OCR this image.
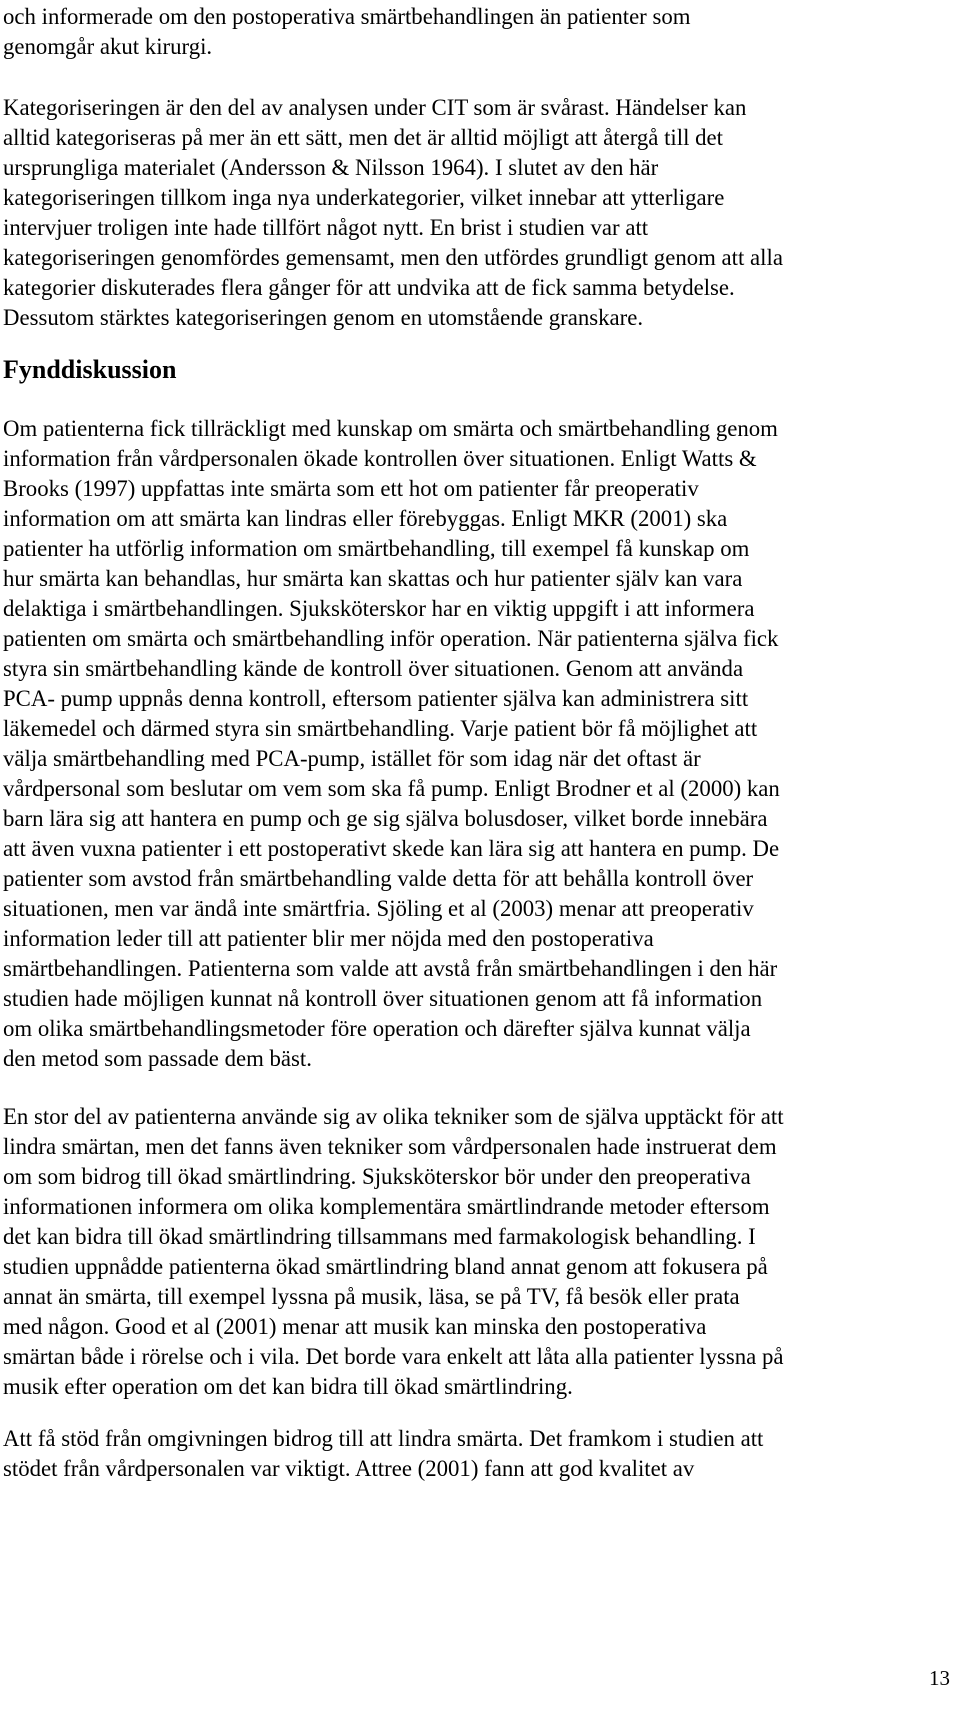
och informerade om den postoperativa smärtbehandlingen än patienter som
genomgår akut kirurgi.

Kategoriseringen är den del av analysen under CIT som är svårast. Händelser kan
alltid kategoriseras på mer än ett sätt, men det är alltid möjligt att återgå till det
ursprungliga materialet (Andersson & Nilsson 1964). I slutet av den här
kategoriseringen tillkom inga nya underkategorier, vilket innebar att ytterligare
intervjuer troligen inte hade tillfört något nytt. En brist i studien var att
kategoriseringen genomfördes gemensamt, men den utfördes grundligt genom att alla
kategorier diskuterades flera gånger för att undvika att de fick samma betydelse.
Dessutom stärktes kategoriseringen genom en utomstående granskare.

Fynddiskussion

Om patienterna fick tillräckligt med kunskap om smärta och smärtbehandling genom
information från vårdpersonalen ökade kontrollen över situationen. Enligt Watts &
Brooks (1997) uppfattas inte smärta som ett hot om patienter får preoperativ
information om att smärta kan lindras eller förebyggas. Enligt MKR (2001) ska
patienter ha utförlig information om smärtbehandling, till exempel få kunskap om
hur smärta kan behandlas, hur smärta kan skattas och hur patienter själv kan vara
delaktiga i smärtbehandlingen. Sjuksköterskor har en viktig uppgift i att informera
patienten om smärta och smärtbehandling inför operation. När patienterna själva fick
styra sin smärtbehandling kände de kontroll över situationen. Genom att använda
PCA- pump uppnås denna kontroll, eftersom patienter själva kan administrera sitt
läkemedel och därmed styra sin smärtbehandling. Varje patient bör få möjlighet att
välja smärtbehandling med PCA-pump, istället för som idag när det oftast är
vårdpersonal som beslutar om vem som ska få pump. Enligt Brodner et al (2000) kan
barn lära sig att hantera en pump och ge sig själva bolusdoser, vilket borde innebära
att även vuxna patienter i ett postoperativt skede kan lära sig att hantera en pump. De
patienter som avstod från smärtbehandling valde detta för att behålla kontroll över
situationen, men var ändå inte smärtfria. Sjöling et al (2003) menar att preoperativ
information leder till att patienter blir mer nöjda med den postoperativa
smärtbehandlingen. Patienterna som valde att avstå från smärtbehandlingen i den här
studien hade möjligen kunnat nå kontroll över situationen genom att få information
om olika smärtbehandlingsmetoder före operation och därefter själva kunnat välja
den metod som passade dem bäst.

En stor del av patienterna använde sig av olika tekniker som de själva upptäckt för att
lindra smärtan, men det fanns även tekniker som vårdpersonalen hade instruerat dem
om som bidrog till ökad smärtlindring. Sjuksköterskor bör under den preoperativa
informationen informera om olika komplementära smärtlindrande metoder eftersom
det kan bidra till ökad smärtlindring tillsammans med farmakologisk behandling. I
studien uppnådde patienterna ökad smärtlindring bland annat genom att fokusera på
annat än smärta, till exempel lyssna på musik, läsa, se på TV, få besök eller prata
med någon. Good et al (2001) menar att musik kan minska den postoperativa
smärtan både i rörelse och i vila. Det borde vara enkelt att låta alla patienter lyssna på
musik efter operation om det kan bidra till ökad smärtlindring.

Att få stöd från omgivningen bidrog till att lindra smärta. Det framkom i studien att
stödet från vårdpersonalen var viktigt. Attree (2001) fann att god kvalitet av

13
